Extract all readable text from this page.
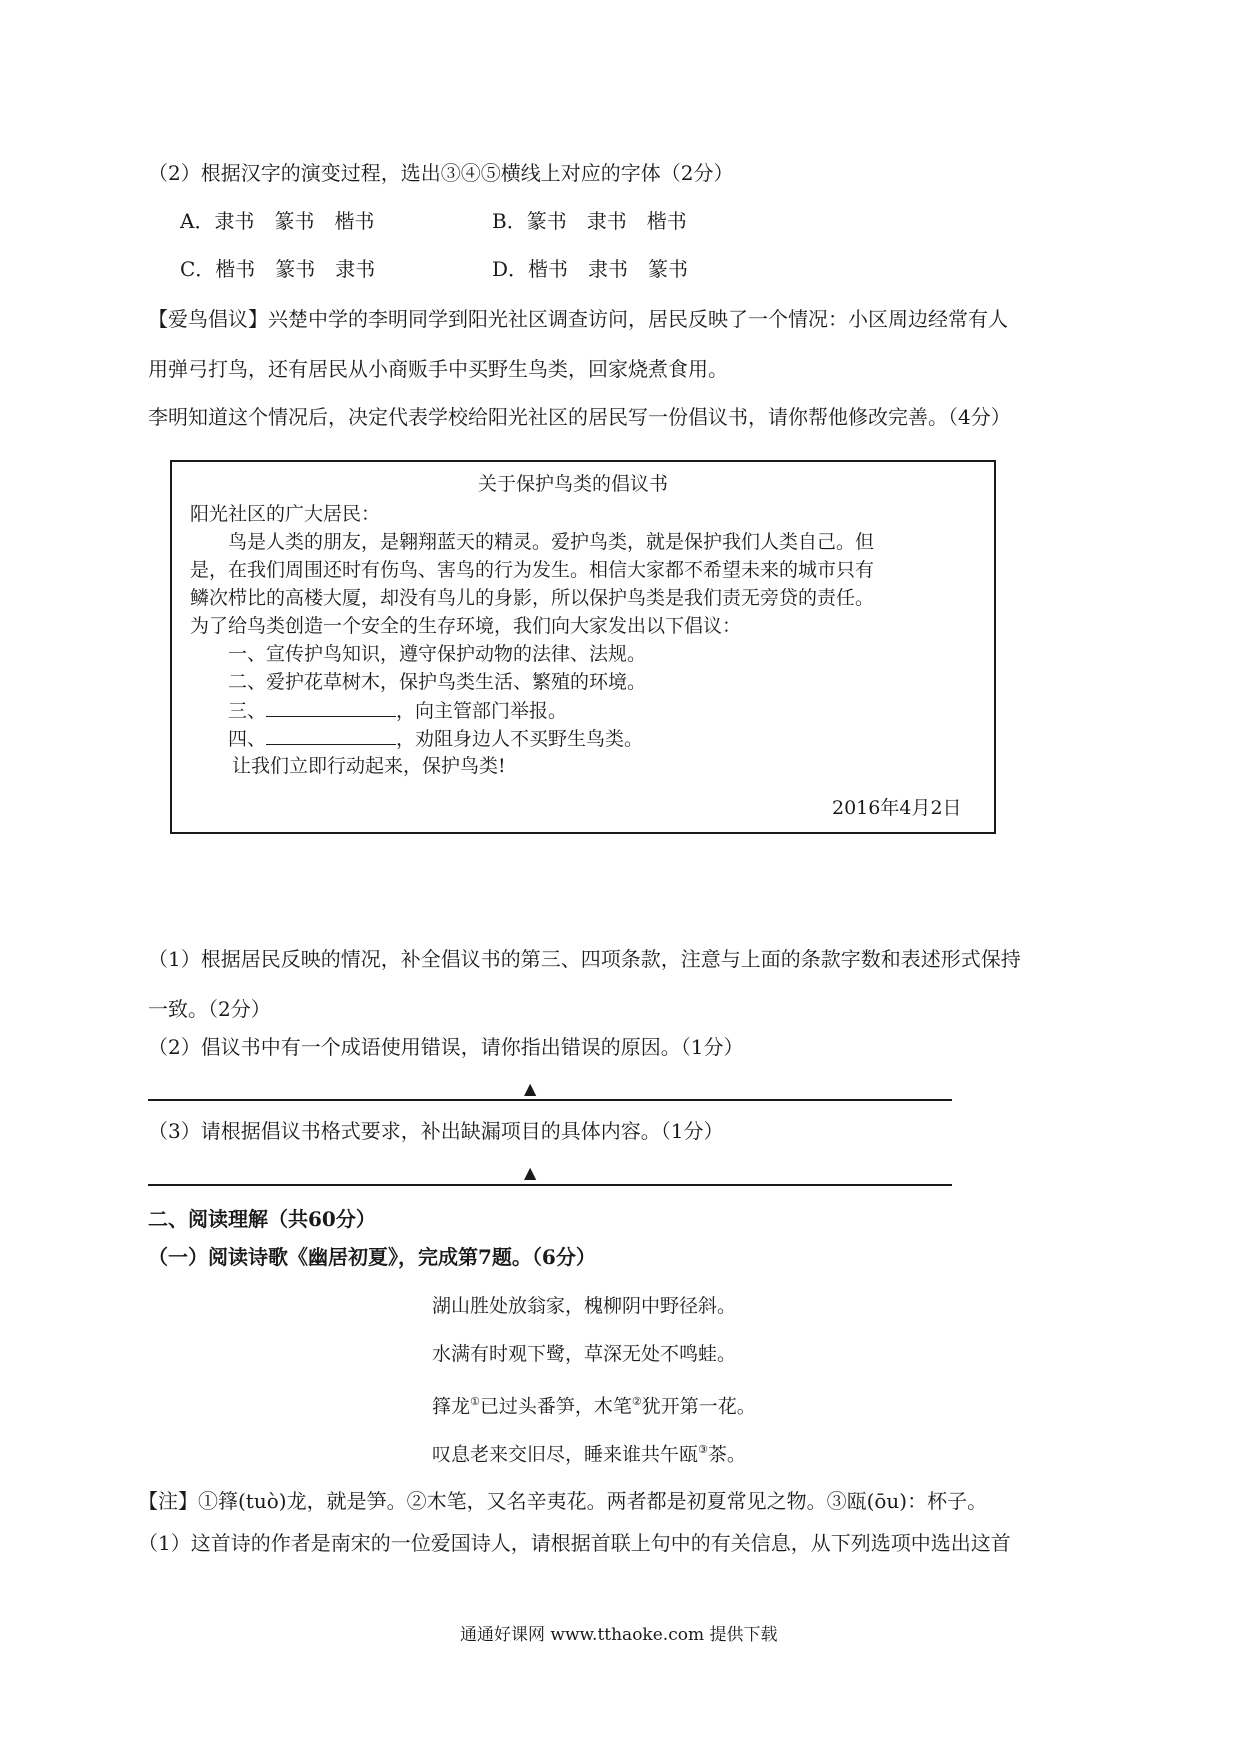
（2）根据汉字的演变过程，选出③④⑤横线上对应的字体（2分）
A．隶书　篆书　楷书	B．篆书　隶书　楷书
C．楷书　篆书　隶书	D．楷书　隶书　篆书
【爱鸟倡议】兴楚中学的李明同学到阳光社区调查访问，居民反映了一个情况：小区周边经常有人
用弹弓打鸟，还有居民从小商贩手中买野生鸟类，回家烧煮食用。
李明知道这个情况后，决定代表学校给阳光社区的居民写一份倡议书，请你帮他修改完善。（4分）
关于保护鸟类的倡议书
阳光社区的广大居民：
鸟是人类的朋友，是翱翔蓝天的精灵。爱护鸟类，就是保护我们人类自己。但
是，在我们周围还时有伤鸟、害鸟的行为发生。相信大家都不希望未来的城市只有
鳞次栉比的高楼大厦，却没有鸟儿的身影，所以保护鸟类是我们责无旁贷的责任。
为了给鸟类创造一个安全的生存环境，我们向大家发出以下倡议：
一、宣传护鸟知识，遵守保护动物的法律、法规。
二、爱护花草树木，保护鸟类生活、繁殖的环境。
三、	，向主管部门举报。
四、	，劝阻身边人不买野生鸟类。
让我们立即行动起来，保护鸟类!
2016年4月2日
（1）根据居民反映的情况，补全倡议书的第三、四项条款，注意与上面的条款字数和表述形式保持
一致。（2分）
（2）倡议书中有一个成语使用错误，请你指出错误的原因。（1分）
▲
（3）请根据倡议书格式要求，补出缺漏项目的具体内容。（1分）
▲
二、阅读理解（共60分）
（一）阅读诗歌《幽居初夏》，完成第7题。（6分）
湖山胜处放翁家，槐柳阴中野径斜。
水满有时观下鹭，草深无处不鸣蛙。
箨龙①已过头番笋，木笔②犹开第一花。
叹息老来交旧尽，睡来谁共午瓯③茶。
【注】①箨(tuò)龙，就是笋。②木笔，又名辛夷花。两者都是初夏常见之物。③瓯(ōu)：杯子。
（1）这首诗的作者是南宋的一位爱国诗人，请根据首联上句中的有关信息，从下列选项中选出这首
通通好课网 www.tthaoke.com 提供下载
